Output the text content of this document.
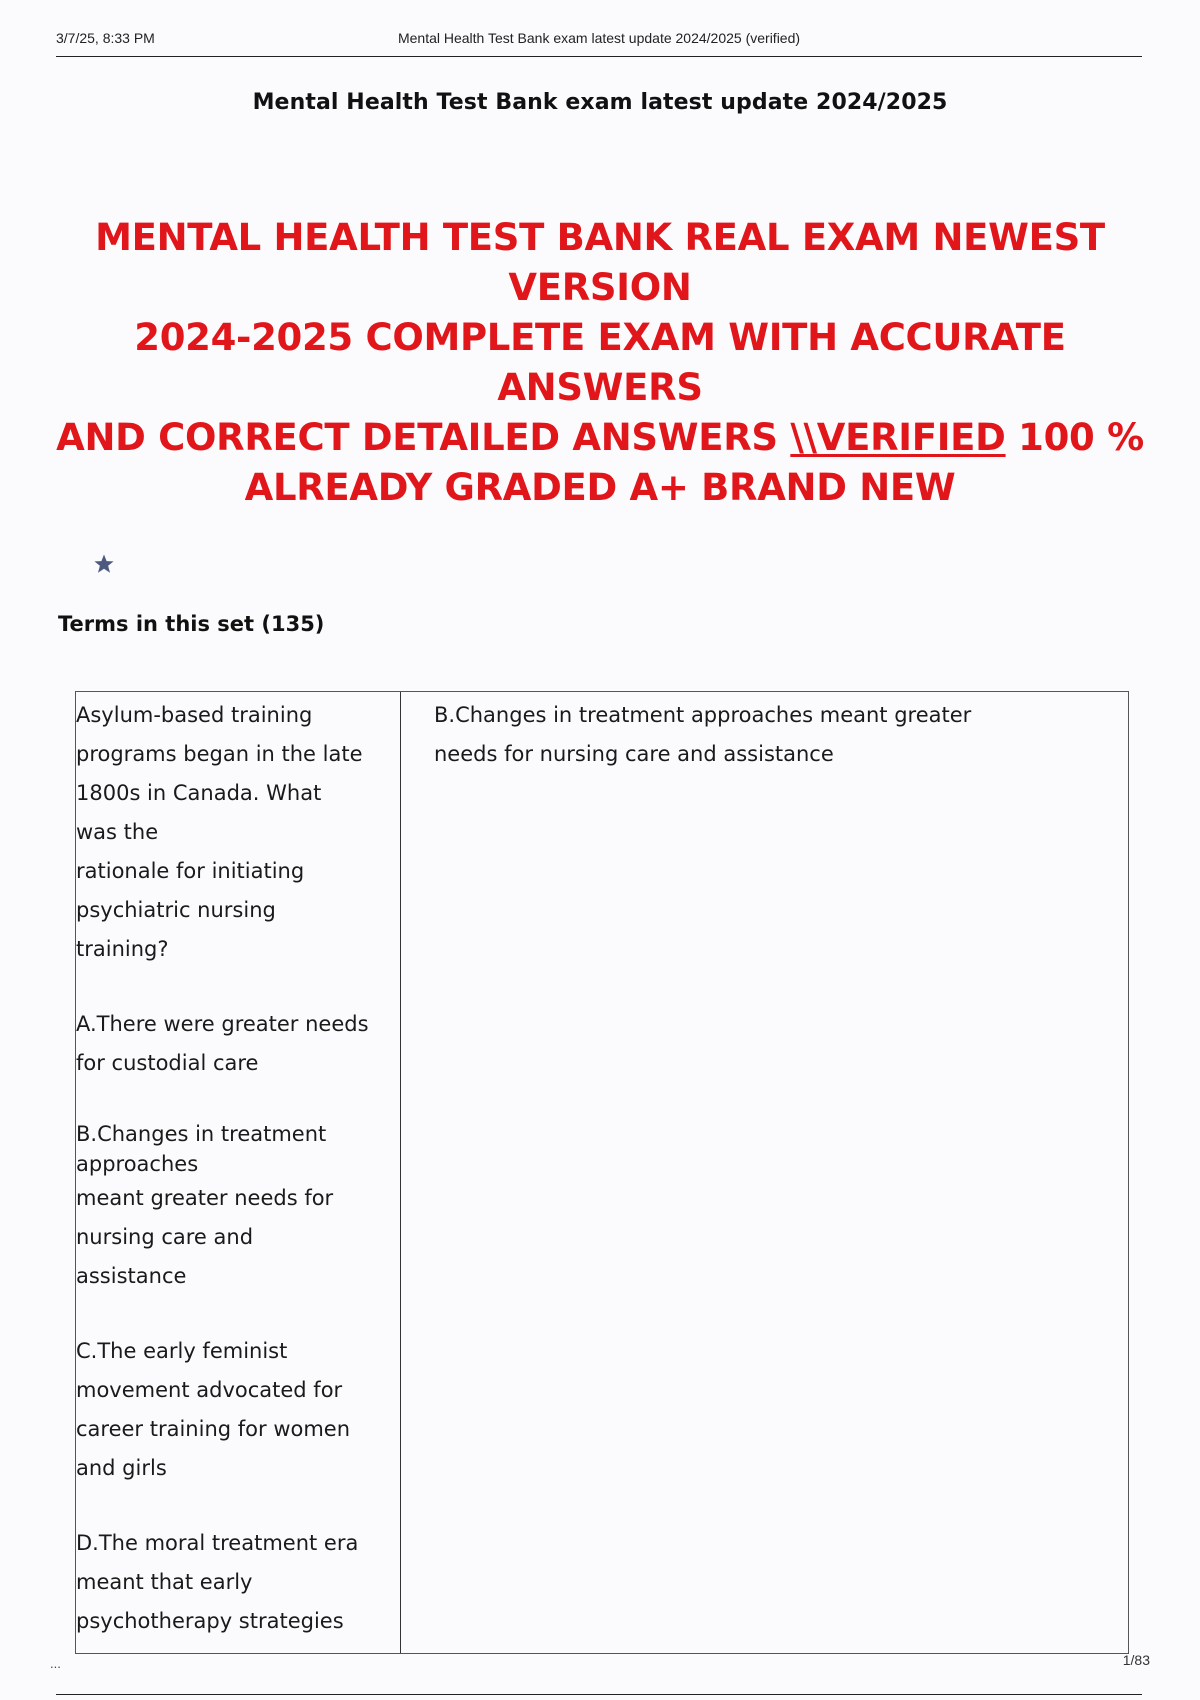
3/7/25, 8:33 PM	Mental Health Test Bank exam latest update 2024/2025 (verified)
Mental Health Test Bank exam latest update 2024/2025
MENTAL HEALTH TEST BANK REAL EXAM NEWEST VERSION
2024-2025 COMPLETE EXAM WITH ACCURATE ANSWERS
AND CORRECT DETAILED ANSWERS \\VERIFIED 100 %
ALREADY GRADED A+ BRAND NEW
Terms in this set (135)
Asylum-based training
programs began in the late
1800s in Canada. What
was the
rationale for initiating
psychiatric nursing
training?
A.There were greater needs
for custodial care
B.Changes in treatment
approaches
meant greater needs for
nursing care and
assistance
C.The early feminist
movement advocated for
career training for women
and girls
D.The moral treatment era
meant that early
psychotherapy strategies
B.Changes in treatment approaches meant greater
needs for nursing care and assistance
...	1/83
